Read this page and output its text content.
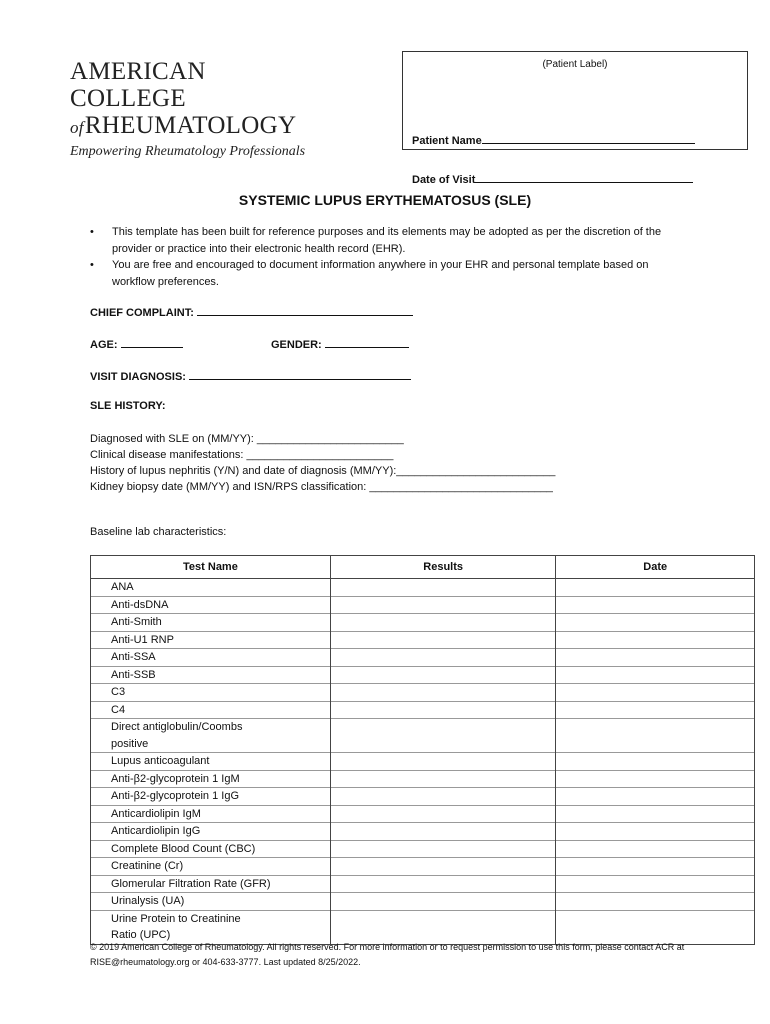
AMERICAN COLLEGE
ofRHEUMATOLOGY
Empowering Rheumatology Professionals
(Patient Label)
Patient Name
Date of Visit
SYSTEMIC LUPUS ERYTHEMATOSUS (SLE)
• This template has been built for reference purposes and its elements may be adopted as per the discretion of the provider or practice into their electronic health record (EHR).
• You are free and encouraged to document information anywhere in your EHR and personal template based on workflow preferences.
CHIEF COMPLAINT:
AGE:	GENDER:
VISIT DIAGNOSIS:
SLE HISTORY:
Diagnosed with SLE on (MM/YY): ________________________
Clinical disease manifestations: ________________________
History of lupus nephritis (Y/N) and date of diagnosis (MM/YY):__________________________
Kidney biopsy date (MM/YY) and ISN/RPS classification: ______________________________
Baseline lab characteristics:
Test Name	Results	Date
ANA		
Anti-dsDNA		
Anti-Smith		
Anti-U1 RNP		
Anti-SSA		
Anti-SSB		
C3		
C4		
Direct antiglobulin/Coombs positive		
Lupus anticoagulant		
Anti-β2-glycoprotein 1 IgM		
Anti-β2-glycoprotein 1 IgG		
Anticardiolipin IgM		
Anticardiolipin IgG		
Complete Blood Count (CBC)		
Creatinine (Cr)		
Glomerular Filtration Rate (GFR)		
Urinalysis (UA)		
Urine Protein to Creatinine Ratio (UPC)		
© 2019 American College of Rheumatology. All rights reserved. For more information or to request permission to use this form, please contact ACR at RISE@rheumatology.org or 404-633-3777. Last updated 8/25/2022.
